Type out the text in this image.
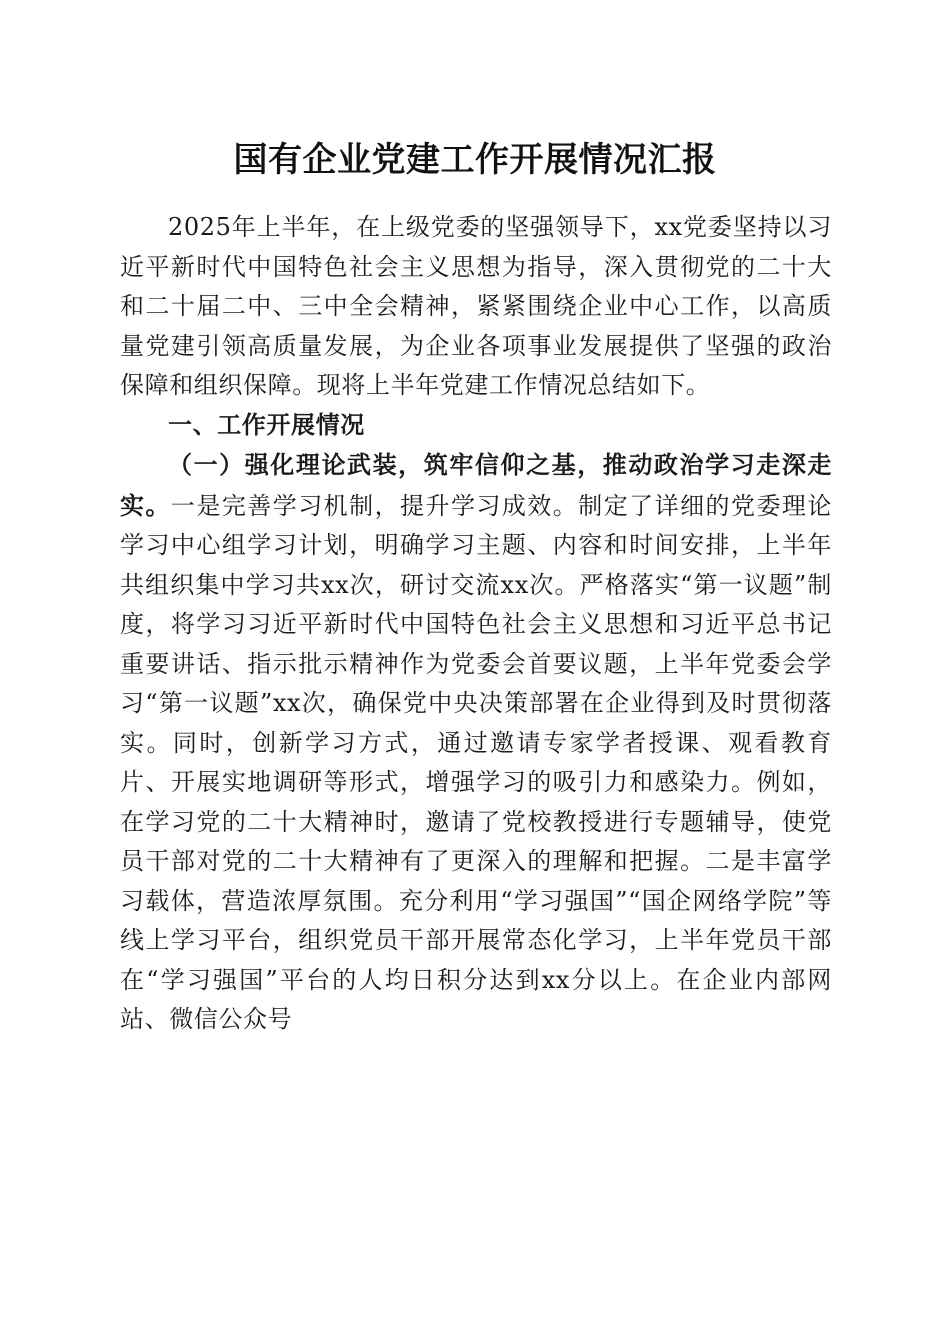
国有企业党建工作开展情况汇报

2025年上半年，在上级党委的坚强领导下，xx党委坚持以习近平新时代中国特色社会主义思想为指导，深入贯彻党的二十大和二十届二中、三中全会精神，紧紧围绕企业中心工作，以高质量党建引领高质量发展，为企业各项事业发展提供了坚强的政治保障和组织保障。现将上半年党建工作情况总结如下。

一、工作开展情况

（一）强化理论武装，筑牢信仰之基，推动政治学习走深走实。一是完善学习机制，提升学习成效。制定了详细的党委理论学习中心组学习计划，明确学习主题、内容和时间安排，上半年共组织集中学习共xx次，研讨交流xx次。严格落实“第一议题”制度，将学习习近平新时代中国特色社会主义思想和习近平总书记重要讲话、指示批示精神作为党委会首要议题，上半年党委会学习“第一议题”xx次，确保党中央决策部署在企业得到及时贯彻落实。同时，创新学习方式，通过邀请专家学者授课、观看教育片、开展实地调研等形式，增强学习的吸引力和感染力。例如，在学习党的二十大精神时，邀请了党校教授进行专题辅导，使党员干部对党的二十大精神有了更深入的理解和把握。二是丰富学习载体，营造浓厚氛围。充分利用“学习强国”“国企网络学院”等线上学习平台，组织党员干部开展常态化学习，上半年党员干部在“学习强国”平台的人均日积分达到xx分以上。在企业内部网站、微信公众号
